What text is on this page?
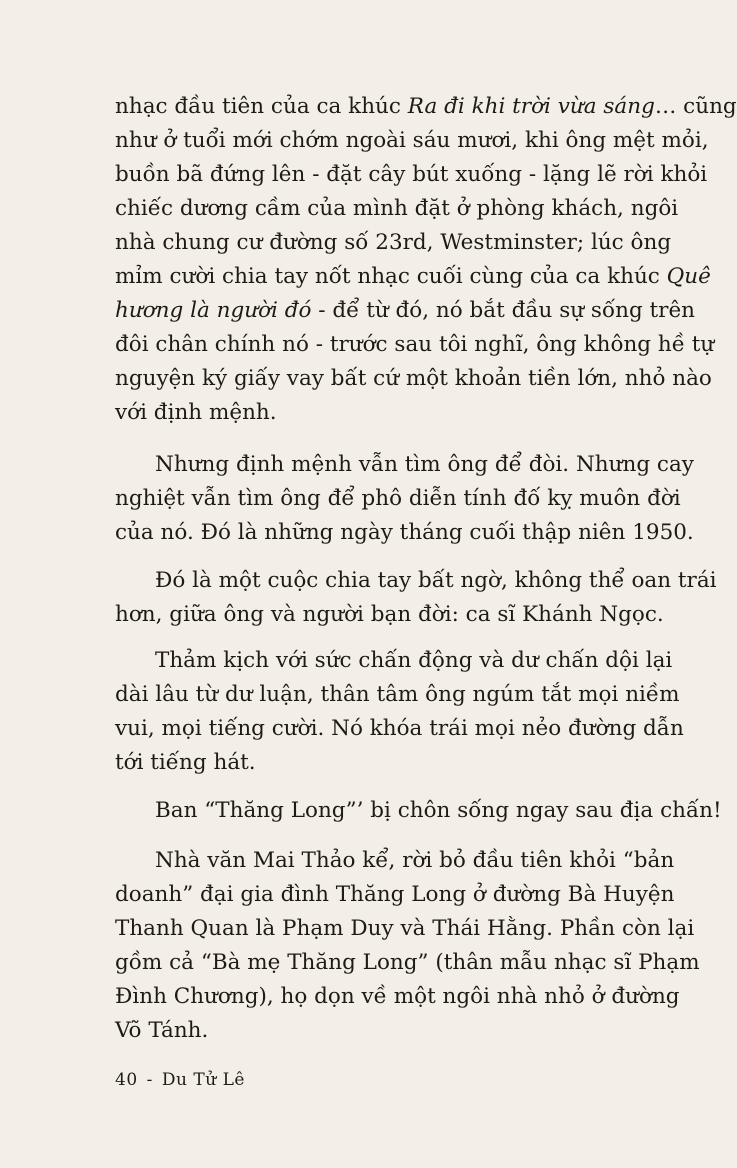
nhạc đầu tiên của ca khúc Ra đi khi trời vừa sáng… cũng
như ở tuổi mới chớm ngoài sáu mươi, khi ông mệt mỏi,
buồn bã đứng lên - đặt cây bút xuống - lặng lẽ rời khỏi
chiếc dương cầm của mình đặt ở phòng khách, ngôi
nhà chung cư đường số 23rd, Westminster; lúc ông
mỉm cười chia tay nốt nhạc cuối cùng của ca khúc Quê
hương là người đó - để từ đó, nó bắt đầu sự sống trên
đôi chân chính nó - trước sau tôi nghĩ, ông không hề tự
nguyện ký giấy vay bất cứ một khoản tiền lớn, nhỏ nào
với định mệnh.
Nhưng định mệnh vẫn tìm ông để đòi. Nhưng cay
nghiệt vẫn tìm ông để phô diễn tính đố kỵ muôn đời
của nó. Đó là những ngày tháng cuối thập niên 1950.
Đó là một cuộc chia tay bất ngờ, không thể oan trái
hơn, giữa ông và người bạn đời: ca sĩ Khánh Ngọc.
Thảm kịch với sức chấn động và dư chấn dội lại
dài lâu từ dư luận, thân tâm ông ngúm tắt mọi niềm
vui, mọi tiếng cười. Nó khóa trái mọi nẻo đường dẫn
tới tiếng hát.
Ban “Thăng Long”’ bị chôn sống ngay sau địa chấn!
Nhà văn Mai Thảo kể, rời bỏ đầu tiên khỏi “bản
doanh” đại gia đình Thăng Long ở đường Bà Huyện
Thanh Quan là Phạm Duy và Thái Hằng. Phần còn lại
gồm cả “Bà mẹ Thăng Long” (thân mẫu nhạc sĩ Phạm
Đình Chương), họ dọn về một ngôi nhà nhỏ ở đường
Võ Tánh.
40 - Du Tử Lê
